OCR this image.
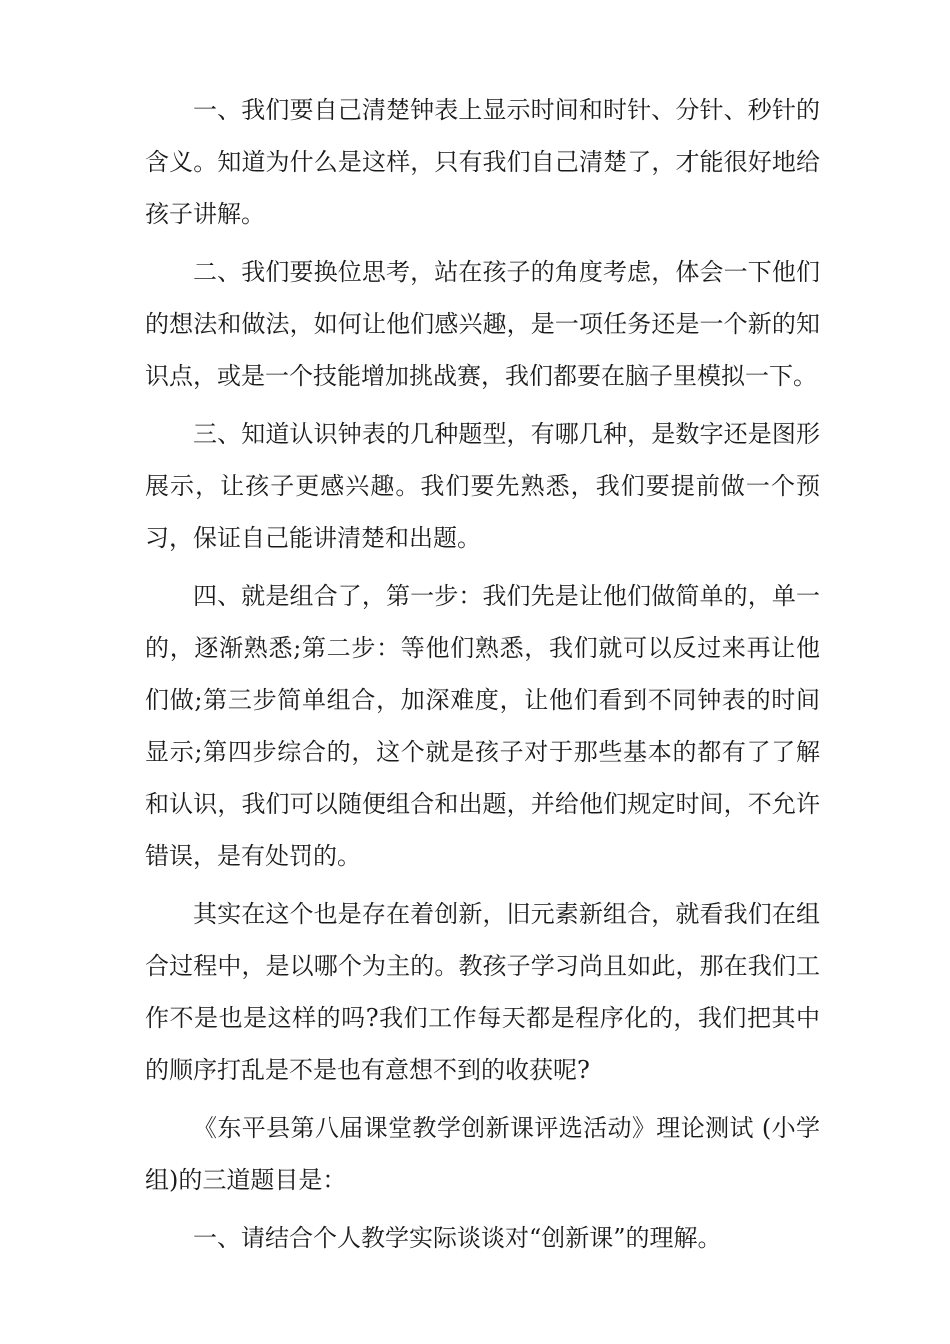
一、我们要自己清楚钟表上显示时间和时针、分针、秒针的含义。知道为什么是这样，只有我们自己清楚了，才能很好地给孩子讲解。

二、我们要换位思考，站在孩子的角度考虑，体会一下他们的想法和做法，如何让他们感兴趣，是一项任务还是一个新的知识点，或是一个技能增加挑战赛，我们都要在脑子里模拟一下。

三、知道认识钟表的几种题型，有哪几种，是数字还是图形展示，让孩子更感兴趣。我们要先熟悉，我们要提前做一个预习，保证自己能讲清楚和出题。

四、就是组合了，第一步：我们先是让他们做简单的，单一的，逐渐熟悉;第二步：等他们熟悉，我们就可以反过来再让他们做;第三步简单组合，加深难度，让他们看到不同钟表的时间显示;第四步综合的，这个就是孩子对于那些基本的都有了了解和认识，我们可以随便组合和出题，并给他们规定时间，不允许错误，是有处罚的。

其实在这个也是存在着创新，旧元素新组合，就看我们在组合过程中，是以哪个为主的。教孩子学习尚且如此，那在我们工作不是也是这样的吗?我们工作每天都是程序化的，我们把其中的顺序打乱是不是也有意想不到的收获呢?

《东平县第八届课堂教学创新课评选活动》理论测试 (小学组)的三道题目是：

一、请结合个人教学实际谈谈对“创新课”的理解。
